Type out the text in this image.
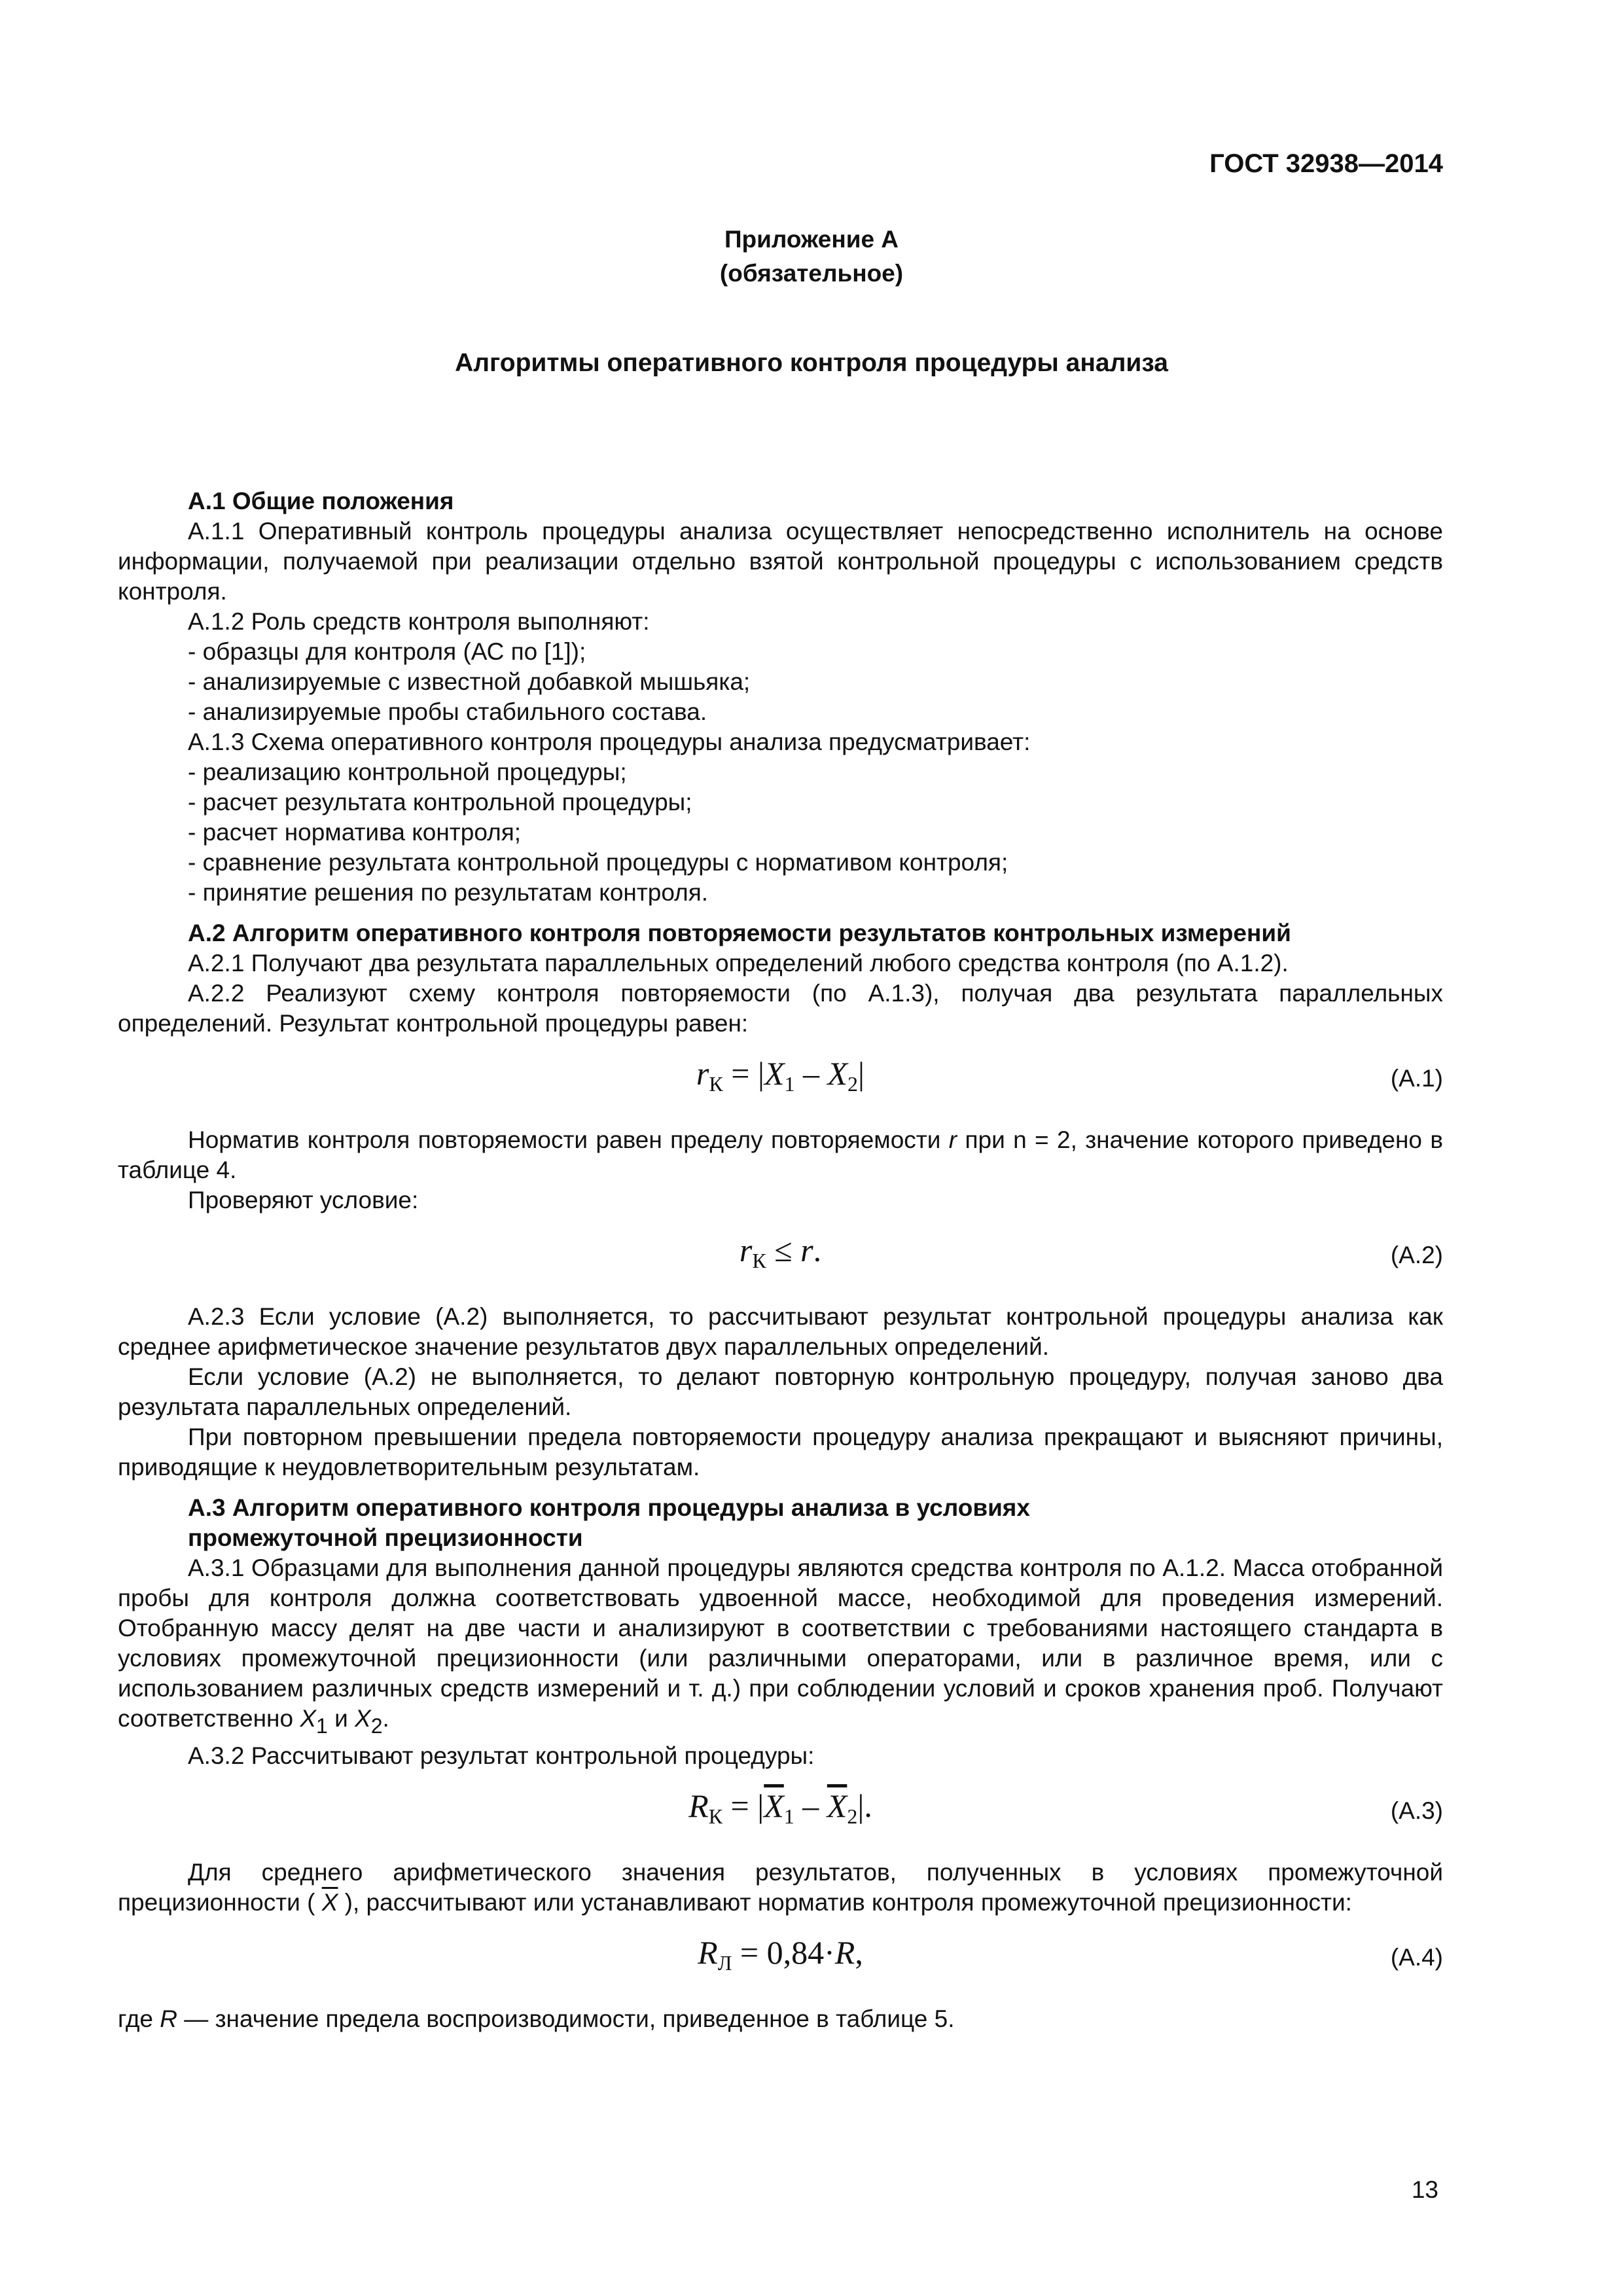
ГОСТ 32938—2014
Приложение А
(обязательное)
Алгоритмы оперативного контроля процедуры анализа

А.1 Общие положения

А.1.1 Оперативный контроль процедуры анализа осуществляет непосредственно исполнитель на основе информации, получаемой при реализации отдельно взятой контрольной процедуры с использованием средств контроля.

А.1.2 Роль средств контроля выполняют:

- образцы для контроля (АС по [1]);

- анализируемые с известной добавкой мышьяка;

- анализируемые пробы стабильного состава.

А.1.3 Схема оперативного контроля процедуры анализа предусматривает:

- реализацию контрольной процедуры;

- расчет результата контрольной процедуры;

- расчет норматива контроля;

- сравнение результата контрольной процедуры с нормативом контроля;

- принятие решения по результатам контроля.

А.2 Алгоритм оперативного контроля повторяемости результатов контрольных измерений

А.2.1 Получают два результата параллельных определений любого средства контроля (по А.1.2).

А.2.2 Реализуют схему контроля повторяемости (по А.1.3), получая два результата параллельных определений. Результат контрольной процедуры равен:

$r_К = |X_1 - X_2|$	(А.1)

Норматив контроля повторяемости равен пределу повторяемости r при n = 2, значение которого приведено в таблице 4.

Проверяют условие:

$r_К \le r$.	(А.2)

А.2.3 Если условие (А.2) выполняется, то рассчитывают результат контрольной процедуры анализа как среднее арифметическое значение результатов двух параллельных определений.

Если условие (А.2) не выполняется, то делают повторную контрольную процедуру, получая заново два результата параллельных определений.

При повторном превышении предела повторяемости процедуру анализа прекращают и выясняют причины, приводящие к неудовлетворительным результатам.

А.3 Алгоритм оперативного контроля процедуры анализа в условиях промежуточной прецизионности

А.3.1 Образцами для выполнения данной процедуры являются средства контроля по А.1.2. Масса отобранной пробы для контроля должна соответствовать удвоенной массе, необходимой для проведения измерений. Отобранную массу делят на две части и анализируют в соответствии с требованиями настоящего стандарта в условиях промежуточной прецизионности (или различными операторами, или в различное время, или с использованием различных средств измерений и т. д.) при соблюдении условий и сроков хранения проб. Получают соответственно X1 и X2.

А.3.2 Рассчитывают результат контрольной процедуры:

$R_К = |\overline{X}_1 - \overline{X}_2|$.	(А.3)

Для среднего арифметического значения результатов, полученных в условиях промежуточной прецизионности ( $\overline{X}$ ), рассчитывают или устанавливают норматив контроля промежуточной прецизионности:

$R_Л = 0,84\cdot R$,	(А.4)

где R — значение предела воспроизводимости, приведенное в таблице 5.

13
